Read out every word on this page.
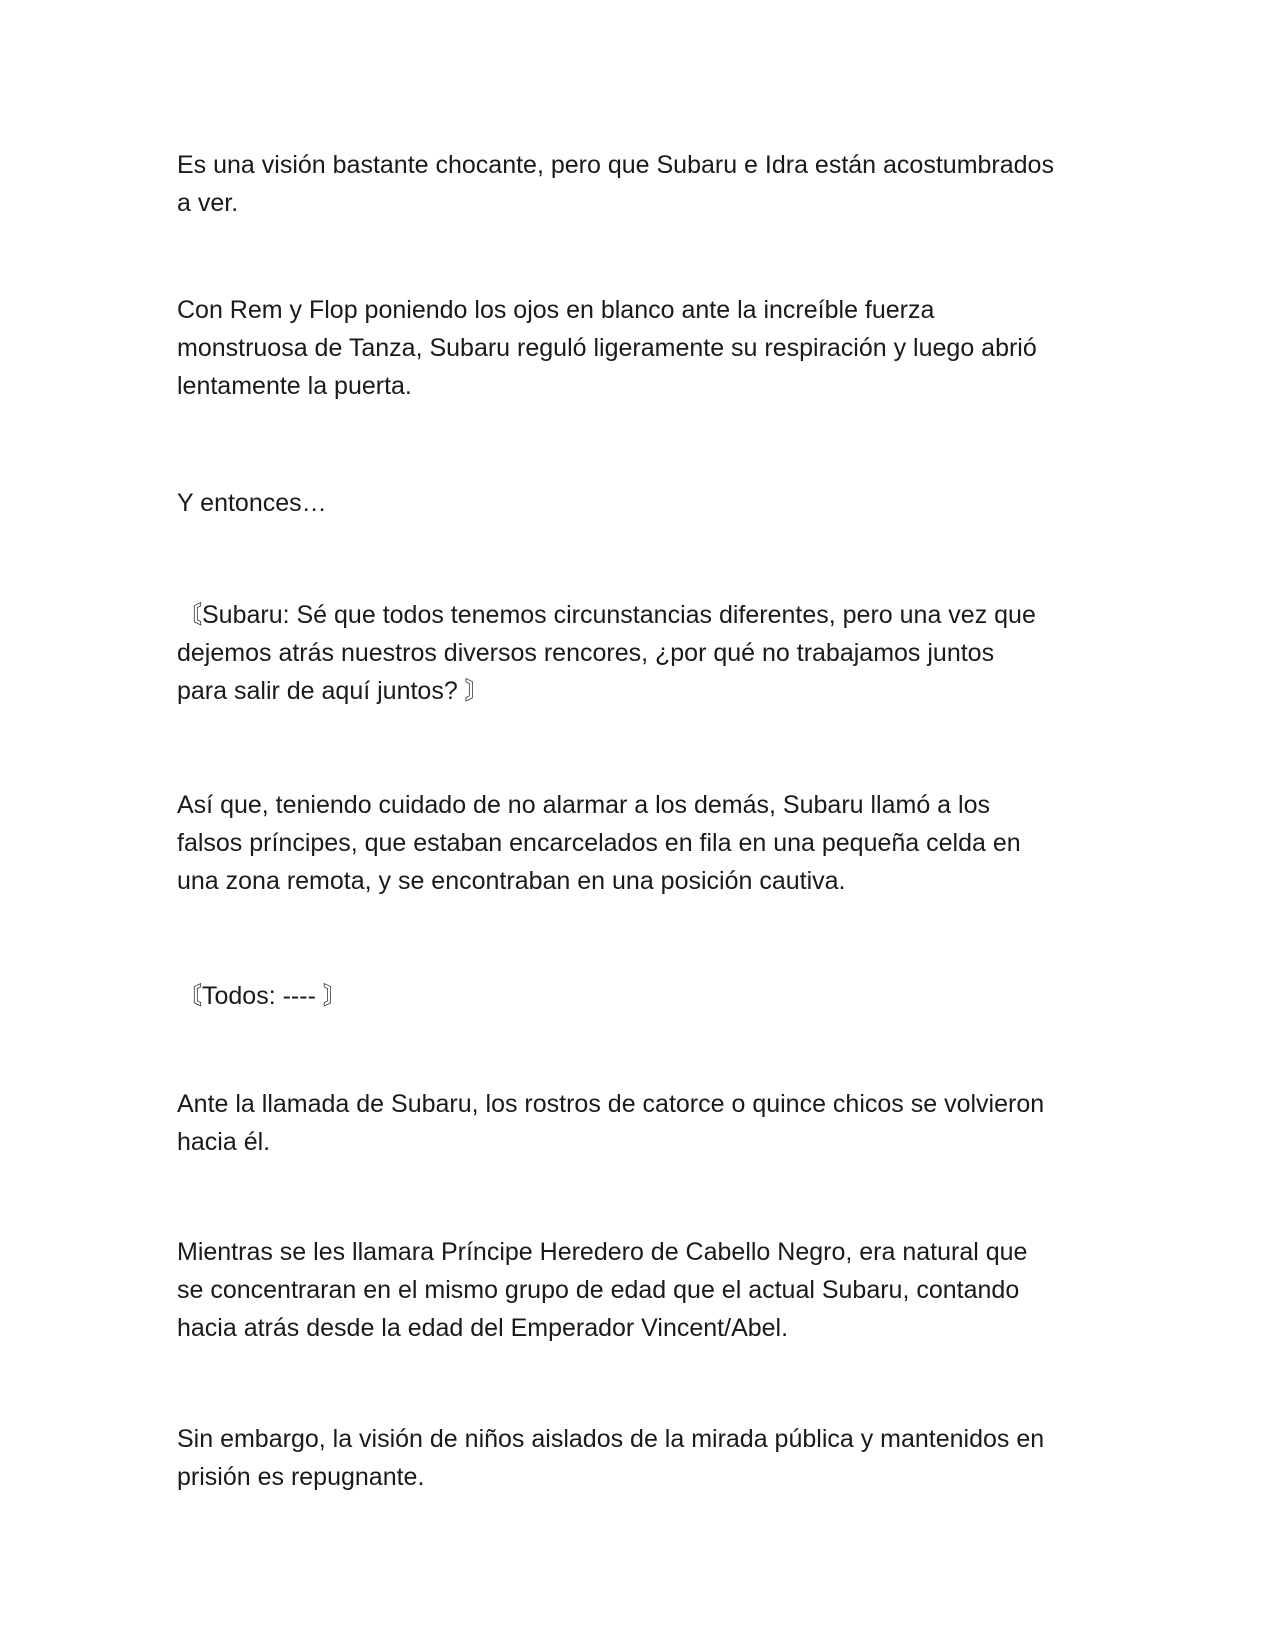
Es una visión bastante chocante, pero que Subaru e Idra están acostumbrados
a ver.

Con Rem y Flop poniendo los ojos en blanco ante la increíble fuerza
monstruosa de Tanza, Subaru reguló ligeramente su respiración y luego abrió
lentamente la puerta.

Y entonces…

〘Subaru: Sé que todos tenemos circunstancias diferentes, pero una vez que
dejemos atrás nuestros diversos rencores, ¿por qué no trabajamos juntos
para salir de aquí juntos? 〙

Así que, teniendo cuidado de no alarmar a los demás, Subaru llamó a los
falsos príncipes, que estaban encarcelados en fila en una pequeña celda en
una zona remota, y se encontraban en una posición cautiva.

〘Todos: ---- 〙

Ante la llamada de Subaru, los rostros de catorce o quince chicos se volvieron
hacia él.

Mientras se les llamara Príncipe Heredero de Cabello Negro, era natural que
se concentraran en el mismo grupo de edad que el actual Subaru, contando
hacia atrás desde la edad del Emperador Vincent/Abel.

Sin embargo, la visión de niños aislados de la mirada pública y mantenidos en
prisión es repugnante.
